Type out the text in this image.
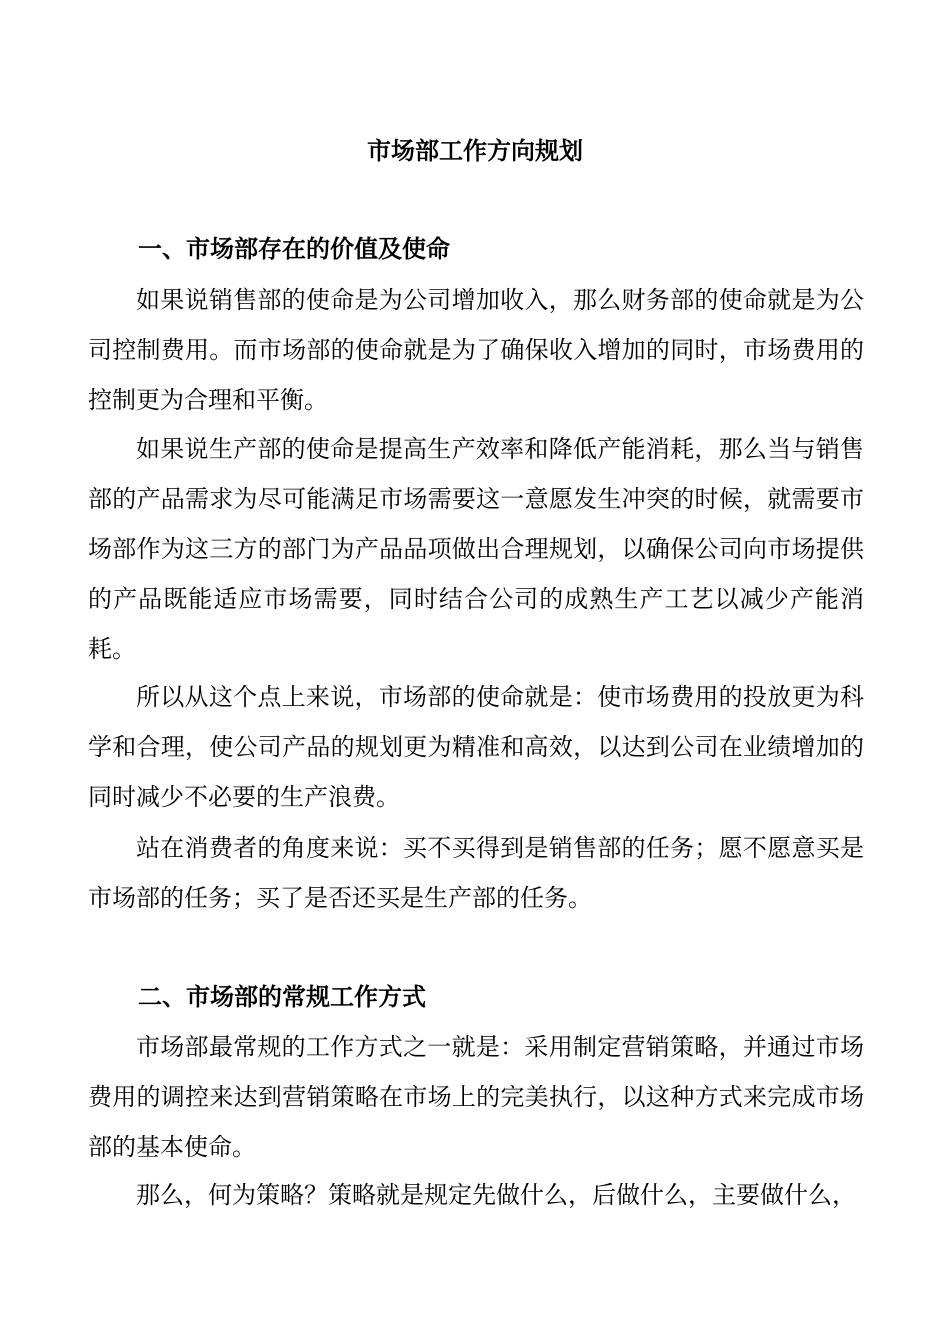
市场部工作方向规划
一、市场部存在的价值及使命

如果说销售部的使命是为公司增加收入，那么财务部的使命就是为公司控制费用。而市场部的使命就是为了确保收入增加的同时，市场费用的控制更为合理和平衡。

如果说生产部的使命是提高生产效率和降低产能消耗，那么当与销售部的产品需求为尽可能满足市场需要这一意愿发生冲突的时候，就需要市场部作为这三方的部门为产品品项做出合理规划，以确保公司向市场提供的产品既能适应市场需要，同时结合公司的成熟生产工艺以减少产能消耗。

所以从这个点上来说，市场部的使命就是：使市场费用的投放更为科学和合理，使公司产品的规划更为精准和高效，以达到公司在业绩增加的同时减少不必要的生产浪费。

站在消费者的角度来说：买不买得到是销售部的任务；愿不愿意买是市场部的任务；买了是否还买是生产部的任务。

二、市场部的常规工作方式

市场部最常规的工作方式之一就是：采用制定营销策略，并通过市场费用的调控来达到营销策略在市场上的完美执行，以这种方式来完成市场部的基本使命。

那么，何为策略？策略就是规定先做什么，后做什么，主要做什么，
